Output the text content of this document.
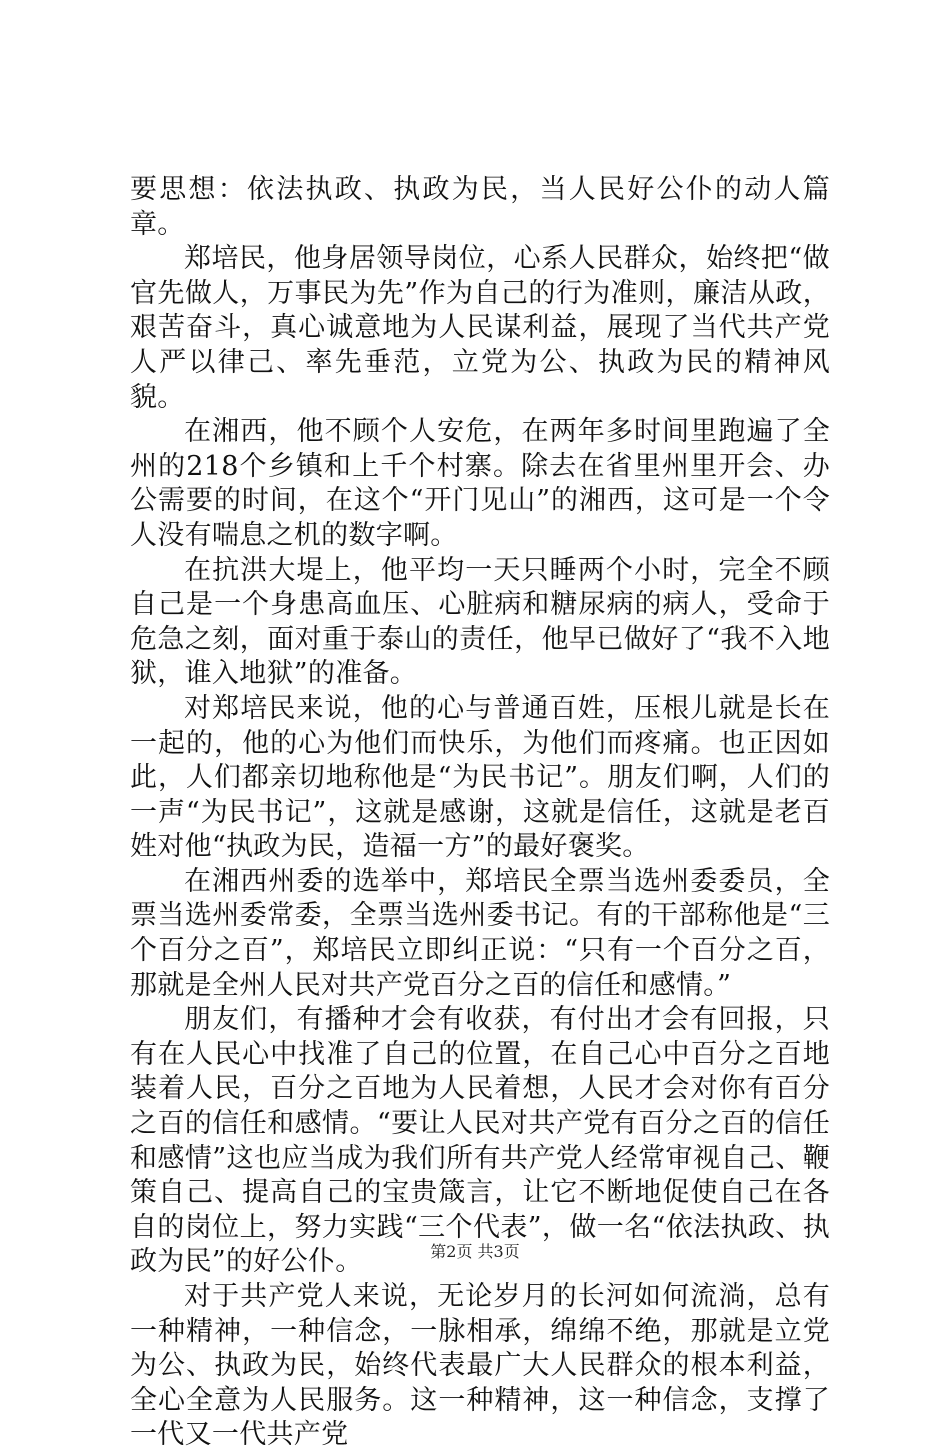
要思想：依法执政、执政为民，当人民好公仆的动人篇章。

郑培民，他身居领导岗位，心系人民群众，始终把“做官先做人，万事民为先”作为自己的行为准则，廉洁从政，艰苦奋斗，真心诚意地为人民谋利益，展现了当代共产党人严以律己、率先垂范，立党为公、执政为民的精神风貌。

在湘西，他不顾个人安危，在两年多时间里跑遍了全州的218个乡镇和上千个村寨。除去在省里州里开会、办公需要的时间，在这个“开门见山”的湘西，这可是一个令人没有喘息之机的数字啊。

在抗洪大堤上，他平均一天只睡两个小时，完全不顾自己是一个身患高血压、心脏病和糖尿病的病人，受命于危急之刻，面对重于泰山的责任，他早已做好了“我不入地狱，谁入地狱”的准备。

对郑培民来说，他的心与普通百姓，压根儿就是长在一起的，他的心为他们而快乐，为他们而疼痛。也正因如此，人们都亲切地称他是“为民书记”。朋友们啊，人们的一声“为民书记”，这就是感谢，这就是信任，这就是老百姓对他“执政为民，造福一方”的最好褒奖。

在湘西州委的选举中，郑培民全票当选州委委员，全票当选州委常委，全票当选州委书记。有的干部称他是“三个百分之百”，郑培民立即纠正说：“只有一个百分之百，那就是全州人民对共产党百分之百的信任和感情。”

朋友们，有播种才会有收获，有付出才会有回报，只有在人民心中找准了自己的位置，在自己心中百分之百地装着人民，百分之百地为人民着想，人民才会对你有百分之百的信任和感情。“要让人民对共产党有百分之百的信任和感情”这也应当成为我们所有共产党人经常审视自己、鞭策自己、提高自己的宝贵箴言，让它不断地促使自己在各自的岗位上，努力实践“三个代表”，做一名“依法执政、执政为民”的好公仆。

对于共产党人来说，无论岁月的长河如何流淌，总有一种精神，一种信念，一脉相承，绵绵不绝，那就是立党为公、执政为民，始终代表最广大人民群众的根本利益，全心全意为人民服务。这一种精神，这一种信念，支撑了一代又一代共产党

第2页 共3页
